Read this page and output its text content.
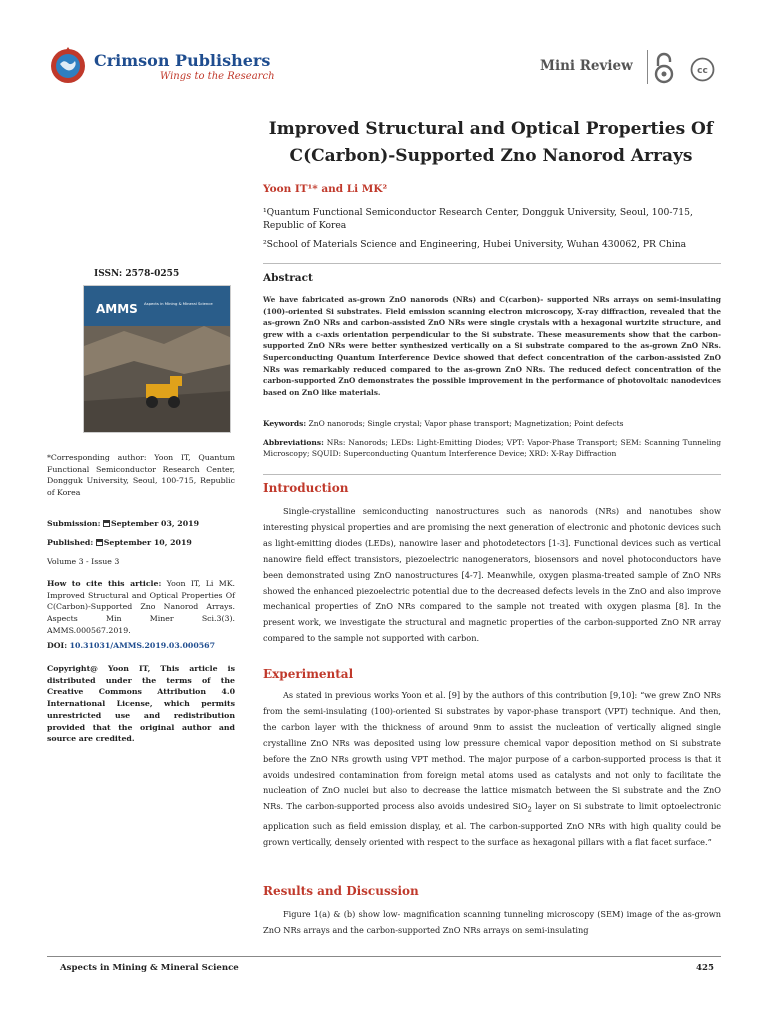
Crimson Publishers
Wings to the Research
Mini Review	cc
Improved Structural and Optical Properties Of C(Carbon)-Supported Zno Nanorod Arrays
Yoon IT¹* and Li MK²
¹Quantum Functional Semiconductor Research Center, Dongguk University, Seoul, 100-715, Republic of Korea
²School of Materials Science and Engineering, Hubei University, Wuhan 430062, PR China
Abstract
We have fabricated as-grown ZnO nanorods (NRs) and C(carbon)- supported NRs arrays on semi-insulating (100)-oriented Si substrates. Field emission scanning electron microscopy, X-ray diffraction, revealed that the as-grown ZnO NRs and carbon-assisted ZnO NRs were single crystals with a hexagonal wurtzite structure, and grew with a c-axis orientation perpendicular to the Si substrate. These measurements show that the carbon-supported ZnO NRs were better synthesized vertically on a Si substrate compared to the as-grown ZnO NRs. Superconducting Quantum Interference Device showed that defect concentration of the carbon-assisted ZnO NRs was remarkably reduced compared to the as-grown ZnO NRs. The reduced defect concentration of the carbon-supported ZnO demonstrates the possible improvement in the performance of photovoltaic nanodevices based on ZnO like materials.
Keywords: ZnO nanorods; Single crystal; Vapor phase transport; Magnetization; Point defects
Abbreviations: NRs: Nanorods; LEDs: Light-Emitting Diodes; VPT: Vapor-Phase Transport; SEM: Scanning Tunneling Microscopy; SQUID: Superconducting Quantum Interference Device; XRD: X-Ray Diffraction
ISSN: 2578-0255
AMMS Aspects in Mining & Mineral Science
*Corresponding author: Yoon IT, Quantum Functional Semiconductor Research Center, Dongguk University, Seoul, 100-715, Republic of Korea
Submission: September 03, 2019
Published: September 10, 2019
Volume 3 - Issue 3
How to cite this article: Yoon IT, Li MK. Improved Structural and Optical Properties Of C(Carbon)-Supported Zno Nanorod Arrays. Aspects Min Miner Sci.3(3). AMMS.000567.2019.
DOI: 10.31031/AMMS.2019.03.000567
Copyright@ Yoon IT, This article is distributed under the terms of the Creative Commons Attribution 4.0 International License, which permits unrestricted use and redistribution provided that the original author and source are credited.
Introduction
Single-crystalline semiconducting nanostructures such as nanorods (NRs) and nanotubes show interesting physical properties and are promising the next generation of electronic and photonic devices such as light-emitting diodes (LEDs), nanowire laser and photodetectors [1-3]. Functional devices such as vertical nanowire field effect transistors, piezoelectric nanogenerators, biosensors and novel photoconductors have been demonstrated using ZnO nanostructures [4-7]. Meanwhile, oxygen plasma-treated sample of ZnO NRs showed the enhanced piezoelectric potential due to the decreased defects levels in the ZnO and also improve mechanical properties of ZnO NRs compared to the sample not treated with oxygen plasma [8]. In the present work, we investigate the structural and magnetic properties of the carbon-supported ZnO NR array compared to the sample not supported with carbon.
Experimental
As stated in previous works Yoon et al. [9] by the authors of this contribution [9,10]: “we grew ZnO NRs from the semi-insulating (100)-oriented Si substrates by vapor-phase transport (VPT) technique. And then, the carbon layer with the thickness of around 9nm to assist the nucleation of vertically aligned single crystalline ZnO NRs was deposited using low pressure chemical vapor deposition method on Si substrate before the ZnO NRs growth using VPT method. The major purpose of a carbon-supported process is that it avoids undesired contamination from foreign metal atoms used as catalysts and not only to facilitate the nucleation of ZnO nuclei but also to decrease the lattice mismatch between the Si substrate and the ZnO NRs. The carbon-supported process also avoids undesired SiO$_2$ layer on Si substrate to limit optoelectronic application such as field emission display, et al. The carbon-supported ZnO NRs with high quality could be grown vertically, densely oriented with respect to the surface as hexagonal pillars with a flat facet surface.”
Results and Discussion
Figure 1(a) & (b) show low- magnification scanning tunneling microscopy (SEM) image of the as-grown ZnO NRs arrays and the carbon-supported ZnO NRs arrays on semi-insulating
Aspects in Mining & Mineral Science	425
